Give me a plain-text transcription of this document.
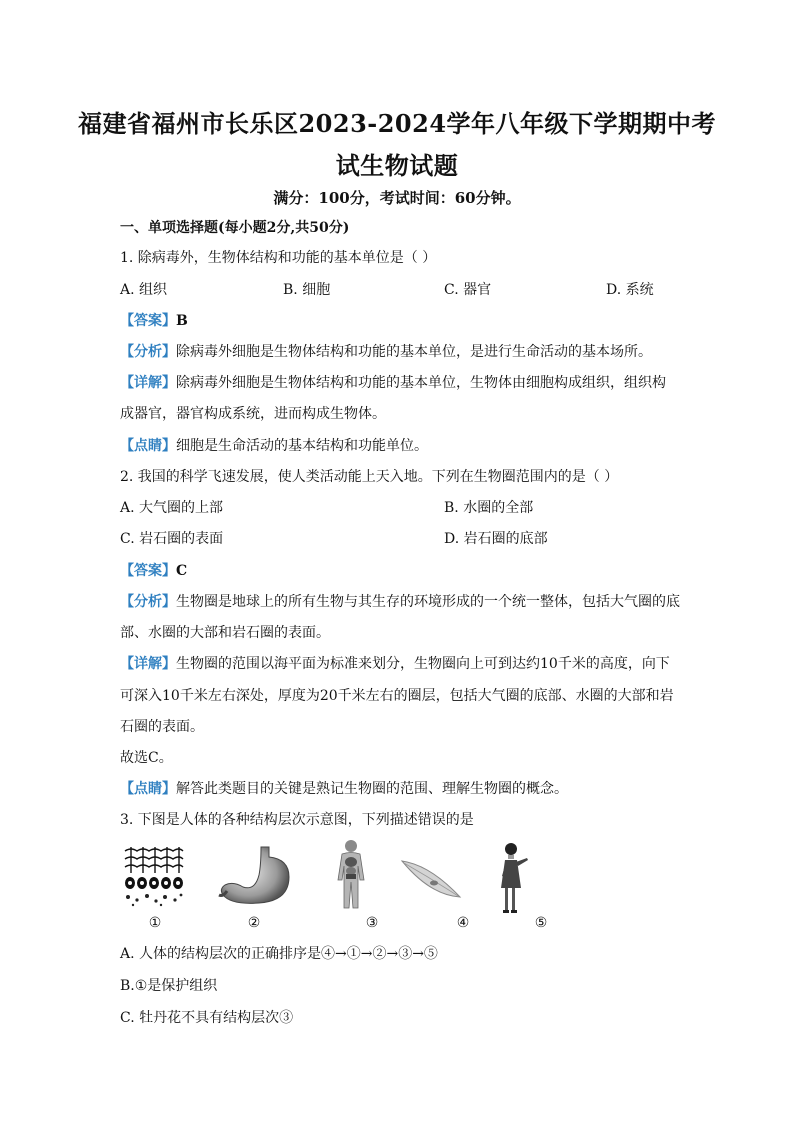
福建省福州市长乐区2023-2024学年八年级下学期期中考
试生物试题
满分：100分，考试时间：60分钟。
一、单项选择题(每小题2分,共50分)
1. 除病毒外，生物体结构和功能的基本单位是（ ）
A. 组织	B. 细胞	C. 器官	D. 系统
【答案】B
【分析】除病毒外细胞是生物体结构和功能的基本单位，是进行生命活动的基本场所。
【详解】除病毒外细胞是生物体结构和功能的基本单位，生物体由细胞构成组织，组织构
成器官，器官构成系统，进而构成生物体。
【点睛】细胞是生命活动的基本结构和功能单位。
2. 我国的科学飞速发展，使人类活动能上天入地。下列在生物圈范围内的是（ ）
A. 大气圈的上部	B. 水圈的全部
C. 岩石圈的表面	D. 岩石圈的底部
【答案】C
【分析】生物圈是地球上的所有生物与其生存的环境形成的一个统一整体，包括大气圈的底
部、水圈的大部和岩石圈的表面。
【详解】生物圈的范围以海平面为标准来划分，生物圈向上可到达约10千米的高度，向下
可深入10千米左右深处，厚度为20千米左右的圈层，包括大气圈的底部、水圈的大部和岩
石圈的表面。
故选C。
【点睛】解答此类题目的关键是熟记生物圈的范围、理解生物圈的概念。
3. 下图是人体的各种结构层次示意图，下列描述错误的是
①	②	③	④	⑤
A. 人体的结构层次的正确排序是④→①→②→③→⑤
B.①是保护组织
C. 牡丹花不具有结构层次③
